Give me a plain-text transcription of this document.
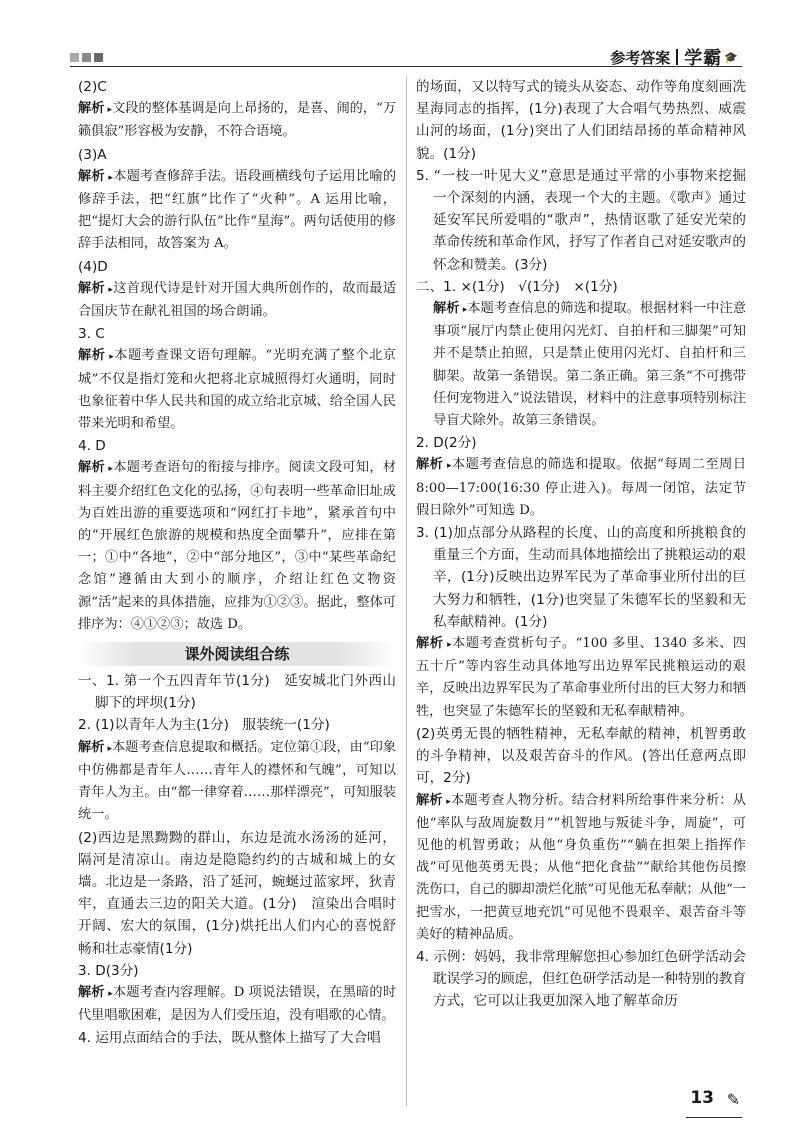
参考答案 学霸 🎓

(2)C

解析 ▸ 文段的整体基调是向上昂扬的，是喜、闹的，“万籁俱寂”形容极为安静，不符合语境。

(3)A

解析 ▸ 本题考查修辞手法。语段画横线句子运用比喻的修辞手法，把“红旗”比作了“火种”。A 运用比喻，把“提灯大会的游行队伍”比作“星海”。两句话使用的修辞手法相同，故答案为 A。

(4)D

解析 ▸ 这首现代诗是针对开国大典所创作的，故而最适合国庆节在献礼祖国的场合朗诵。

3. C

解析 ▸ 本题考查课文语句理解。“光明充满了整个北京城”不仅是指灯笼和火把将北京城照得灯火通明，同时也象征着中华人民共和国的成立给北京城、给全国人民带来光明和希望。

4. D

解析 ▸ 本题考查语句的衔接与排序。阅读文段可知，材料主要介绍红色文化的弘扬，④句表明一些革命旧址成为百姓出游的重要选项和“网红打卡地”，紧承首句中的“开展红色旅游的规模和热度全面攀升”，应排在第一；①中“各地”，②中“部分地区”，③中“某些革命纪念馆”遵循由大到小的顺序，介绍让红色文物资源“活”起来的具体措施，应排为①②③。据此，整体可排序为：④①②③；故选 D。

课外阅读组合练

一、1. 第一个五四青年节(1分)　延安城北门外西山脚下的坪坝(1分)

2. (1)以青年人为主(1分)　服装统一(1分)

解析 ▸ 本题考查信息提取和概括。定位第①段，由“印象中仿佛都是青年人……青年人的襟怀和气魄”，可知以青年人为主。由“都一律穿着……那样漂亮”，可知服装统一。

(2)西边是黑黝黝的群山，东边是流水汤汤的延河，隔河是清凉山。南边是隐隐约约的古城和城上的女墙。北边是一条路，沿了延河，蜿蜒过蓝家坪，狄青牢，直通去三边的阳关大道。(1分)　渲染出合唱时开阔、宏大的氛围，(1分)烘托出人们内心的喜悦舒畅和壮志豪情(1分)

3. D(3分)

解析 ▸ 本题考查内容理解。D 项说法错误，在黑暗的时代里唱歌困难，是因为人们受压迫，没有唱歌的心情。

4. 运用点面结合的手法，既从整体上描写了大合唱

的场面，又以特写式的镜头从姿态、动作等角度刻画冼星海同志的指挥，(1分)表现了大合唱气势热烈、威震山河的场面，(1分)突出了人们团结昂扬的革命精神风貌。(1分)

5. “一枝一叶见大义”意思是通过平常的小事物来挖掘一个深刻的内涵，表现一个大的主题。《歌声》通过延安军民所爱唱的“歌声”，热情讴歌了延安光荣的革命传统和革命作风，抒写了作者自己对延安歌声的怀念和赞美。(3分)

二、1. ×(1分)　√(1分)　×(1分)

解析 ▸ 本题考查信息的筛选和提取。根据材料一中注意事项“展厅内禁止使用闪光灯、自拍杆和三脚架”可知并不是禁止拍照，只是禁止使用闪光灯、自拍杆和三脚架。故第一条错误。第二条正确。第三条“不可携带任何宠物进入”说法错误，材料中的注意事项特别标注导盲犬除外。故第三条错误。

2. D(2分)

解析 ▸ 本题考查信息的筛选和提取。依据“每周二至周日 8:00—17:00(16:30 停止进入)。每周一闭馆，法定节假日除外”可知选 D。

3. (1)加点部分从路程的长度、山的高度和所挑粮食的重量三个方面，生动而具体地描绘出了挑粮运动的艰辛，(1分)反映出边界军民为了革命事业所付出的巨大努力和牺牲，(1分)也突显了朱德军长的坚毅和无私奉献精神。(1分)

解析 ▸ 本题考查赏析句子。“100 多里、1340 多米、四五十斤”等内容生动具体地写出边界军民挑粮运动的艰辛，反映出边界军民为了革命事业所付出的巨大努力和牺牲，也突显了朱德军长的坚毅和无私奉献精神。

(2)英勇无畏的牺牲精神，无私奉献的精神，机智勇敢的斗争精神，以及艰苦奋斗的作风。(答出任意两点即可，2分)

解析 ▸ 本题考查人物分析。结合材料所给事件来分析：从他“率队与敌周旋数月”“机智地与叛徒斗争，周旋”，可见他的机智勇敢；从他“身负重伤”“躺在担架上指挥作战”可见他英勇无畏；从他“把化食盐”“献给其他伤员擦洗伤口，自己的脚却溃烂化脓”可见他无私奉献；从他“一把雪水，一把黄豆地充饥”可见他不畏艰辛、艰苦奋斗等美好的精神品质。

4. 示例：妈妈，我非常理解您担心参加红色研学活动会耽误学习的顾虑，但红色研学活动是一种特别的教育方式，它可以让我更加深入地了解革命历

13 ✎
